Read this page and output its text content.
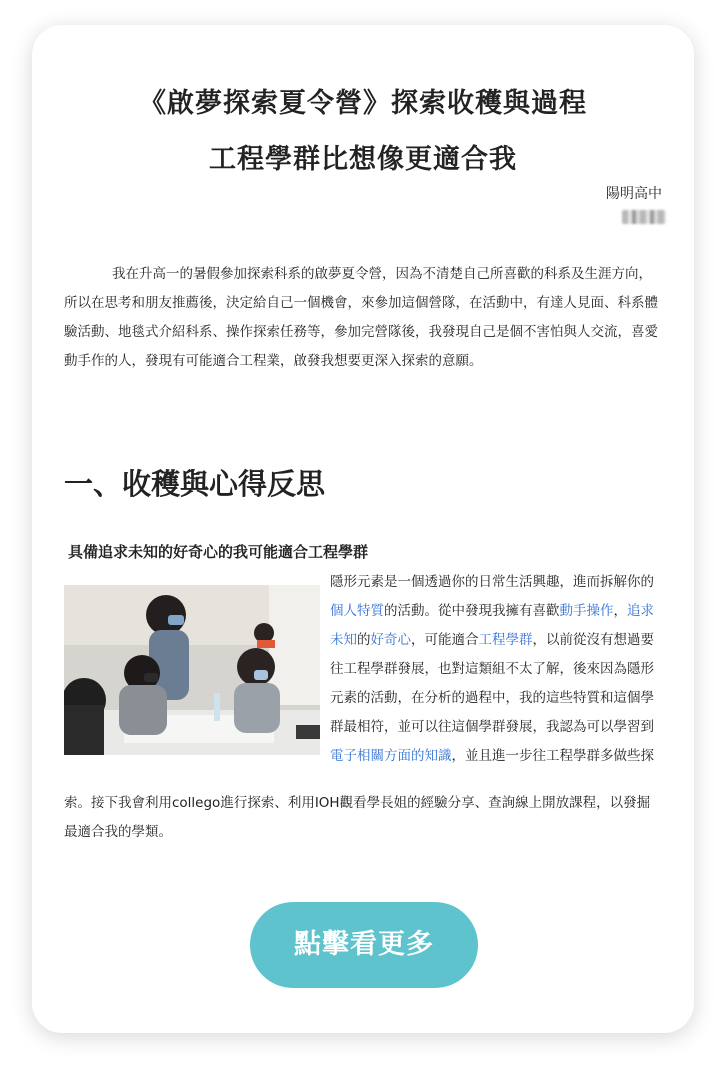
《啟夢探索夏令營》探索收穫與過程
工程學群比想像更適合我
陽明高中
我在升高一的暑假參加探索科系的啟夢夏令營，因為不清楚自己所喜歡的科系及生涯方向，所以在思考和朋友推薦後，決定給自己一個機會，來參加這個營隊，在活動中，有達人見面、科系體驗活動、地毯式介紹科系、操作探索任務等，參加完營隊後，我發現自己是個不害怕與人交流，喜愛動手作的人，發現有可能適合工程業，啟發我想要更深入探索的意願。
一、收穫與心得反思
具備追求未知的好奇心的我可能適合工程學群
隱形元素是一個透過你的日常生活興趣，進而拆解你的個人特質的活動。從中發現我擁有喜歡動手操作，追求未知的好奇心，可能適合工程學群，以前從沒有想過要往工程學群發展，也對這類組不太了解，後來因為隱形元素的活動，在分析的過程中，我的這些特質和這個學群最相符，並可以往這個學群發展，我認為可以學習到電子相關方面的知識，並且進一步往工程學群多做些探
索。接下我會利用collego進行探索、利用IOH觀看學長姐的經驗分享、查詢線上開放課程，以發掘最適合我的學類。
點擊看更多
